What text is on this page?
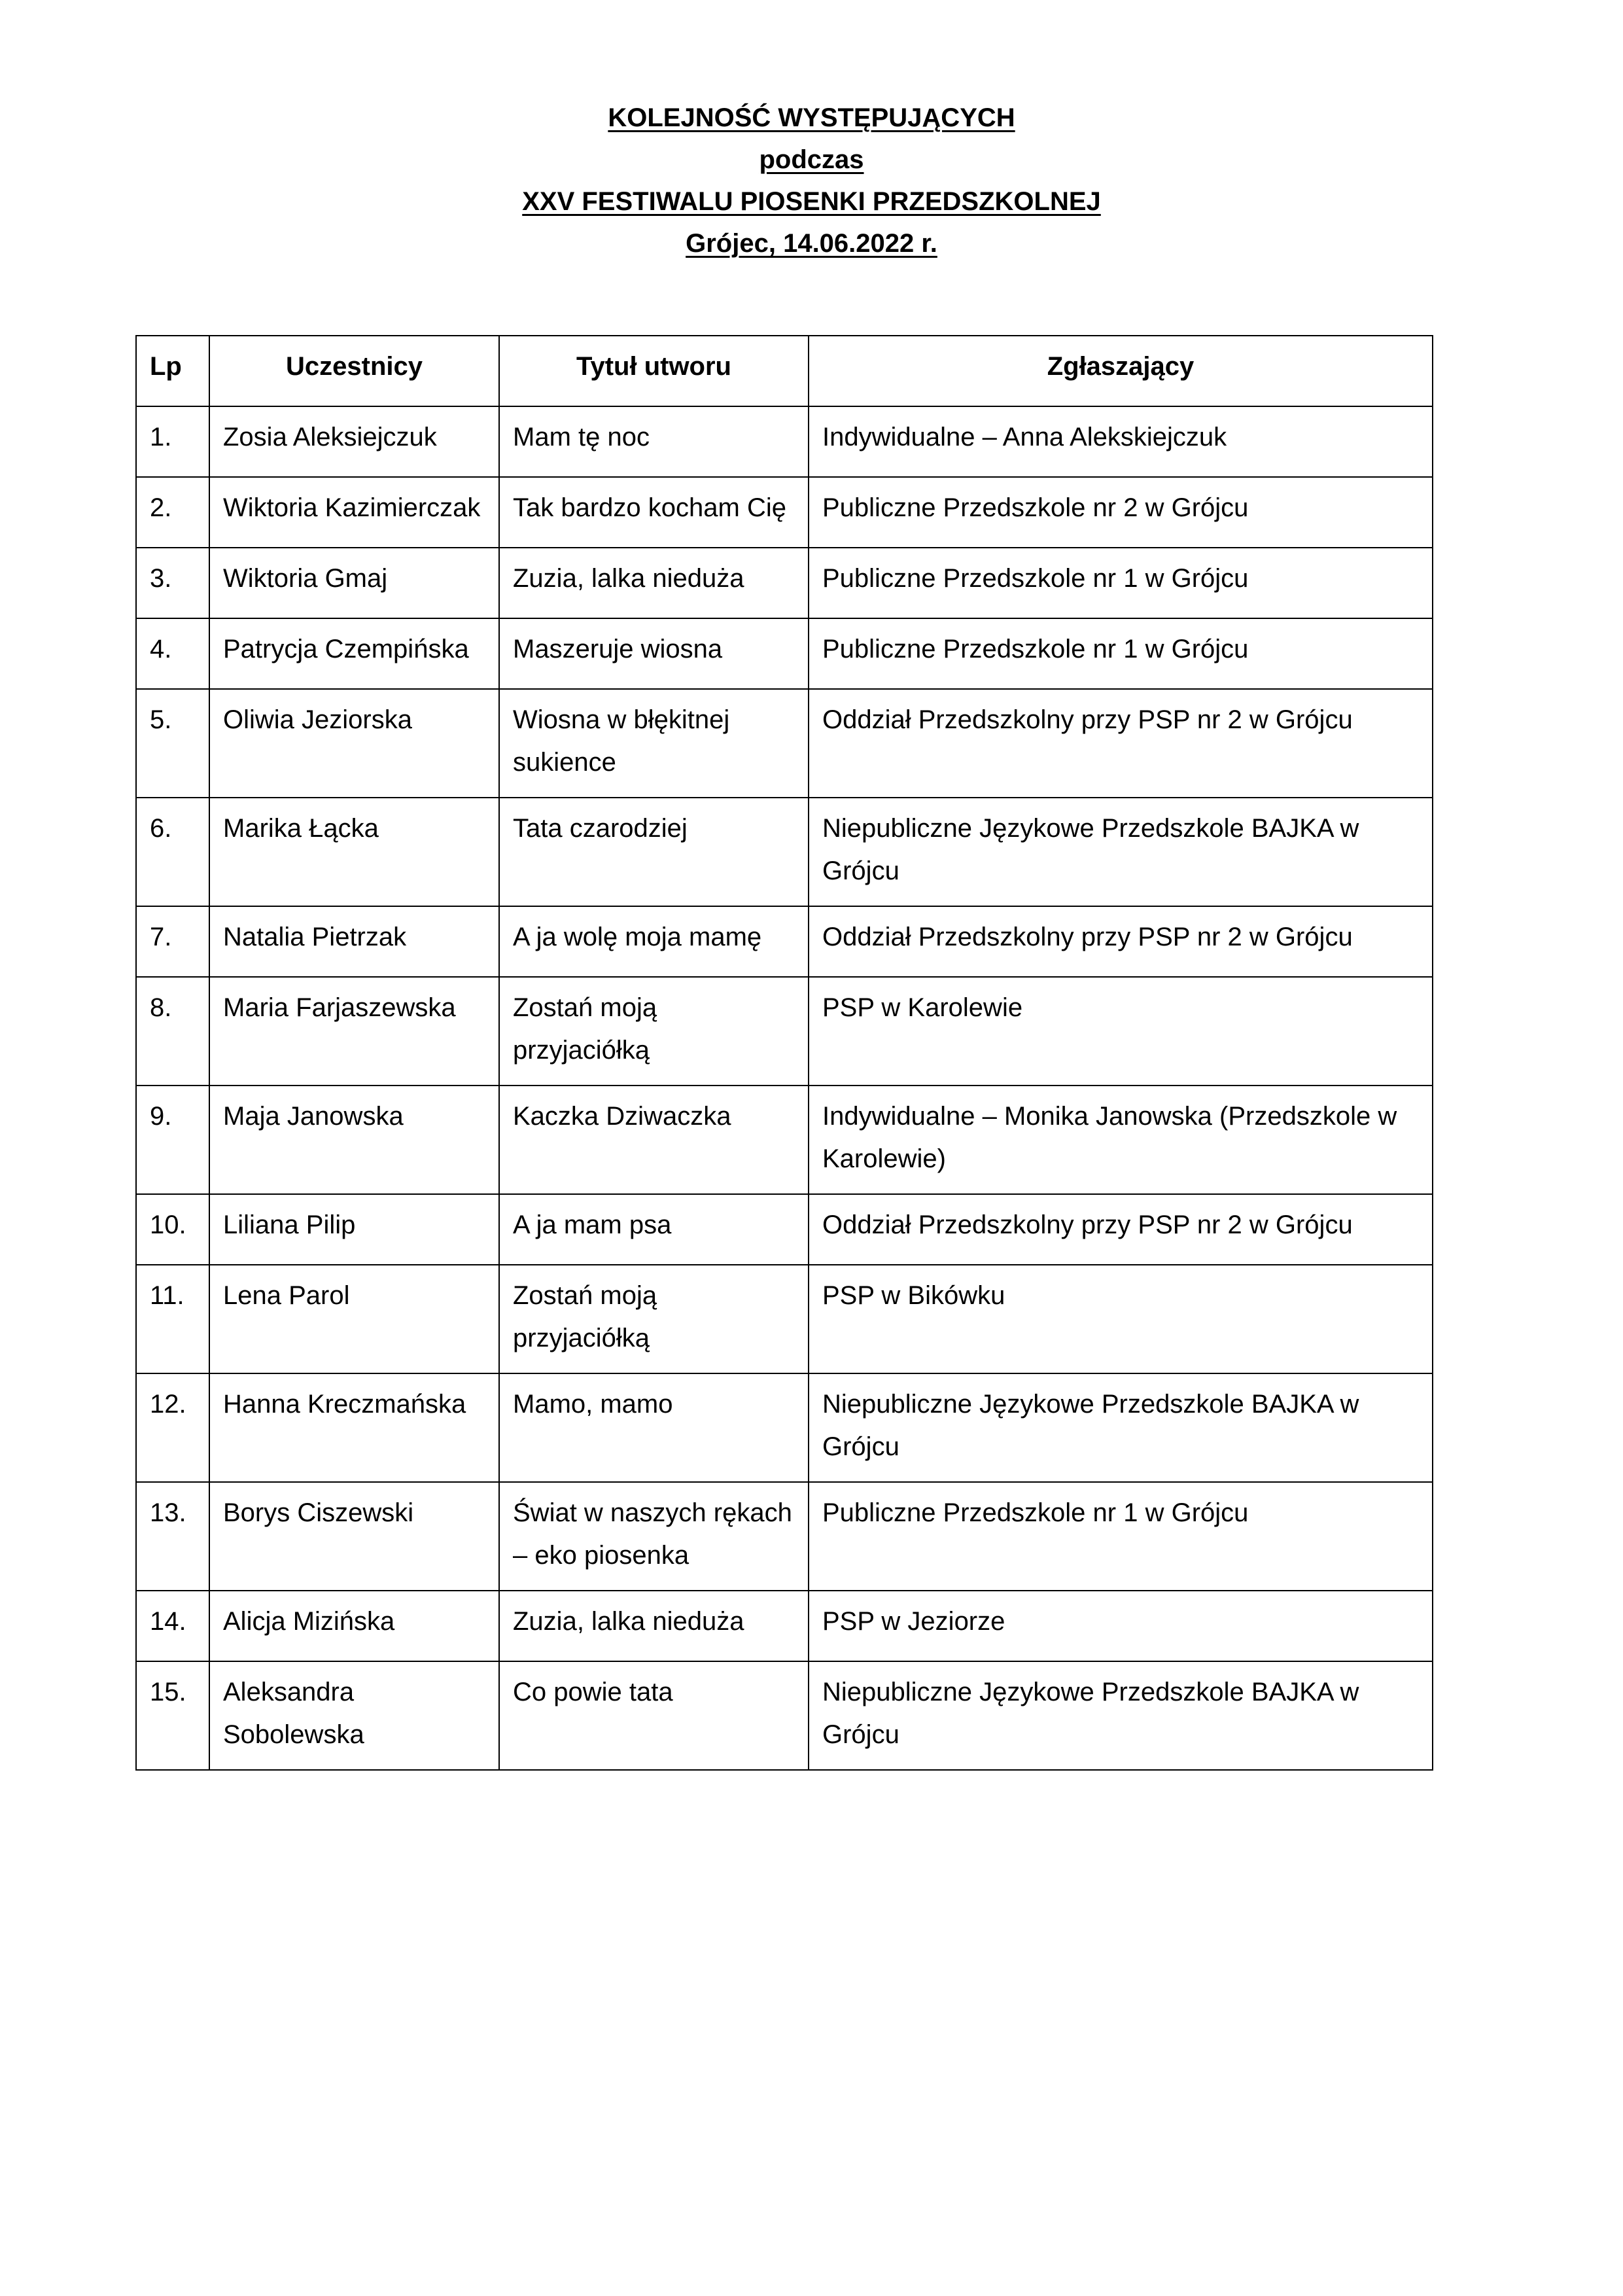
KOLEJNOŚĆ WYSTĘPUJĄCYCH
podczas
XXV FESTIWALU PIOSENKI PRZEDSZKOLNEJ
Grójec, 14.06.2022 r.
Lp	Uczestnicy	Tytuł utworu	Zgłaszający
1.	Zosia Aleksiejczuk	Mam tę noc	Indywidualne – Anna Alekskiejczuk
2.	Wiktoria Kazimierczak	Tak bardzo kocham Cię	Publiczne Przedszkole nr 2 w Grójcu
3.	Wiktoria Gmaj	Zuzia, lalka nieduża	Publiczne Przedszkole nr 1 w Grójcu
4.	Patrycja Czempińska	Maszeruje wiosna	Publiczne Przedszkole nr 1 w Grójcu
5.	Oliwia Jeziorska	Wiosna w błękitnej sukience	Oddział Przedszkolny przy PSP nr 2 w Grójcu
6.	Marika Łącka	Tata czarodziej	Niepubliczne Językowe Przedszkole BAJKA w Grójcu
7.	Natalia Pietrzak	A ja wolę moja mamę	Oddział Przedszkolny przy PSP nr 2 w Grójcu
8.	Maria Farjaszewska	Zostań moją przyjaciółką	PSP w Karolewie
9.	Maja Janowska	Kaczka Dziwaczka	Indywidualne – Monika Janowska (Przedszkole w Karolewie)
10.	Liliana Pilip	A ja mam psa	Oddział Przedszkolny przy PSP nr 2 w Grójcu
11.	Lena Parol	Zostań moją przyjaciółką	PSP w Bikówku
12.	Hanna Kreczmańska	Mamo, mamo	Niepubliczne Językowe Przedszkole BAJKA w Grójcu
13.	Borys Ciszewski	Świat w naszych rękach – eko piosenka	Publiczne Przedszkole nr 1 w Grójcu
14.	Alicja Mizińska	Zuzia, lalka nieduża	PSP w Jeziorze
15.	Aleksandra Sobolewska	Co powie tata	Niepubliczne Językowe Przedszkole BAJKA w Grójcu
